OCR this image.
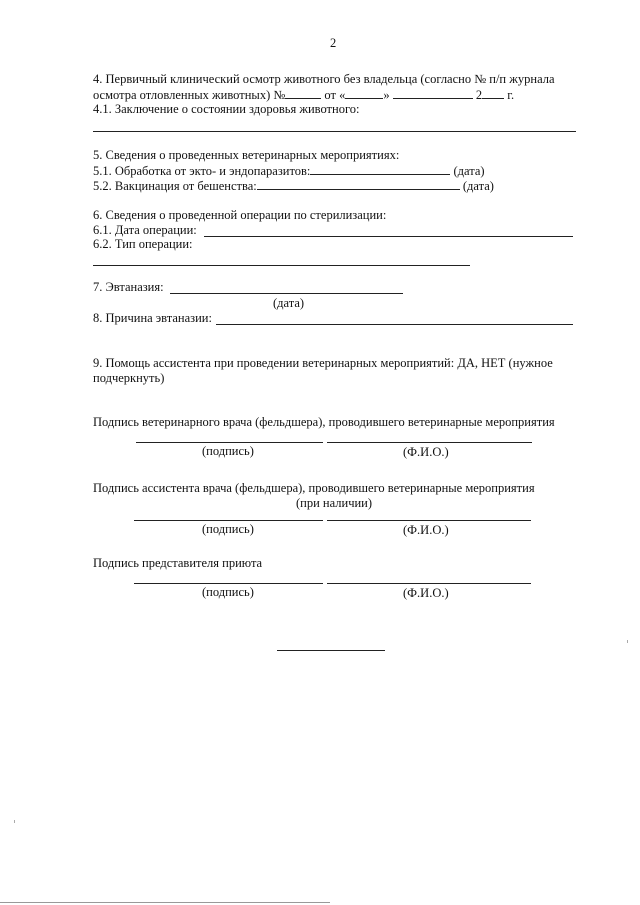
2
4. Первичный клинический осмотр животного без владельца (согласно № п/п журнала
осмотра отловленных животных) №	от «	»	2 г.
4.1. Заключение о состоянии здоровья животного:
5. Сведения о проведенных ветеринарных мероприятиях:
5.1. Обработка от экто- и эндопаразитов:	(дата)
5.2. Вакцинация от бешенства:	(дата)
6. Сведения о проведенной операции по стерилизации:
6.1. Дата операции:
6.2. Тип операции:
7. Эвтаназия:
(дата)
8. Причина эвтаназии:
9. Помощь ассистента при проведении ветеринарных мероприятий: ДА, НЕТ (нужное подчеркнуть)
Подпись ветеринарного врача (фельдшера), проводившего ветеринарные мероприятия
(подпись)	(Ф.И.О.)
Подпись ассистента врача (фельдшера), проводившего ветеринарные мероприятия
(при наличии)
(подпись)	(Ф.И.О.)
Подпись представителя приюта
(подпись)	(Ф.И.О.)
